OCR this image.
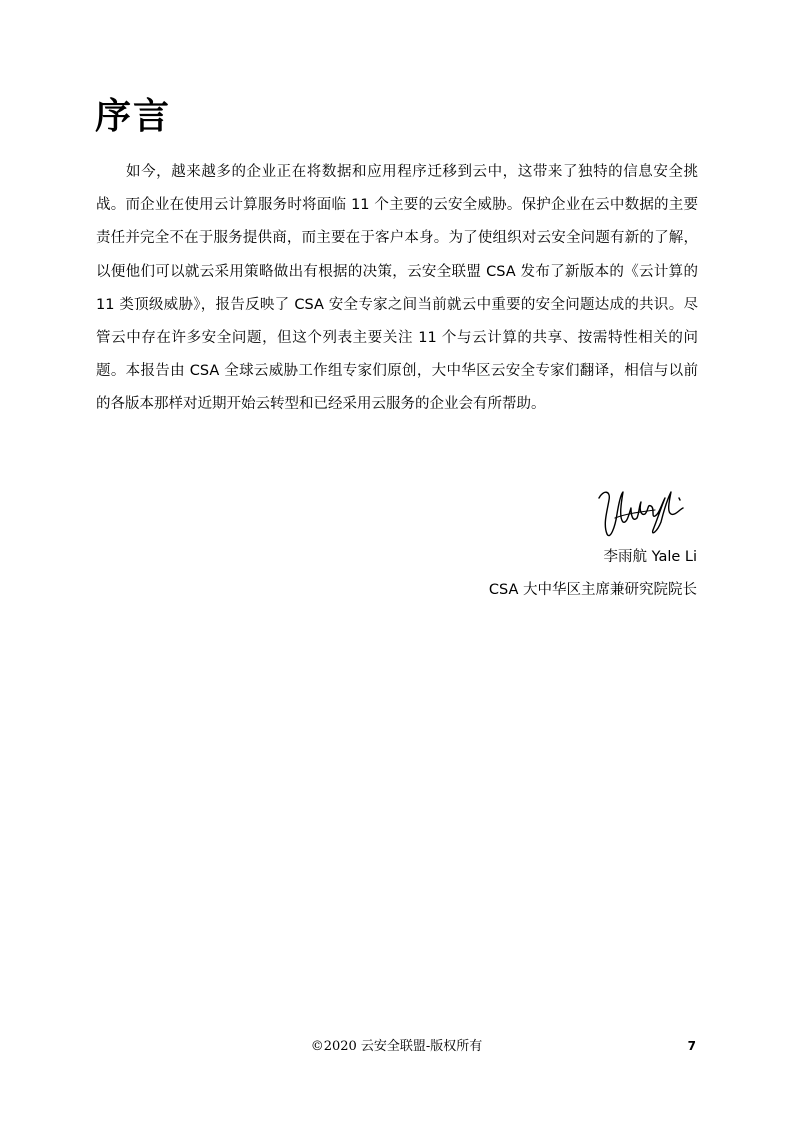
序言

如今，越来越多的企业正在将数据和应用程序迁移到云中，这带来了独特的信息安全挑战。而企业在使用云计算服务时将面临 11 个主要的云安全威胁。保护企业在云中数据的主要责任并完全不在于服务提供商，而主要在于客户本身。为了使组织对云安全问题有新的了解，以便他们可以就云采用策略做出有根据的决策，云安全联盟 CSA 发布了新版本的《云计算的 11 类顶级威胁》，报告反映了 CSA 安全专家之间当前就云中重要的安全问题达成的共识。尽管云中存在许多安全问题，但这个列表主要关注 11 个与云计算的共享、按需特性相关的问题。本报告由 CSA 全球云威胁工作组专家们原创，大中华区云安全专家们翻译，相信与以前的各版本那样对近期开始云转型和已经采用云服务的企业会有所帮助。

李雨航 Yale Li
CSA 大中华区主席兼研究院院长
©2020 云安全联盟-版权所有	7
